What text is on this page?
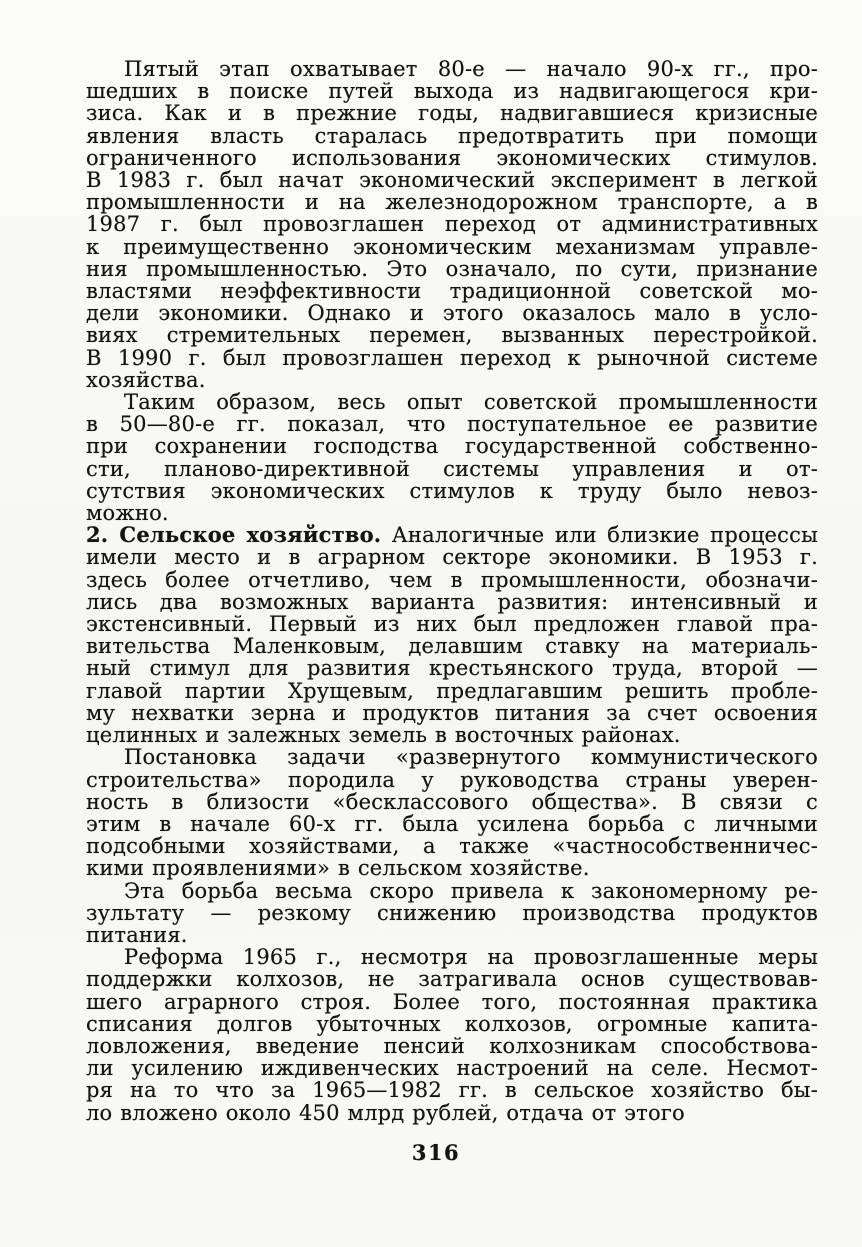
Пятый этап охватывает 80-е — начало 90-х гг., про-
шедших в поиске путей выхода из надвигающегося кри-
зиса. Как и в прежние годы, надвигавшиеся кризисные
явления власть старалась предотвратить при помощи
ограниченного использования экономических стимулов.
В 1983 г. был начат экономический эксперимент в легкой
промышленности и на железнодорожном транспорте, а в
1987 г. был провозглашен переход от административных
к преимущественно экономическим механизмам управле-
ния промышленностью. Это означало, по сути, признание
властями неэффективности традиционной советской мо-
дели экономики. Однако и этого оказалось мало в усло-
виях стремительных перемен, вызванных перестройкой.
В 1990 г. был провозглашен переход к рыночной системе
хозяйства.
Таким образом, весь опыт советской промышленности
в 50—80-е гг. показал, что поступательное ее развитие
при сохранении господства государственной собственно-
сти, планово-директивной системы управления и от-
сутствия экономических стимулов к труду было невоз-
можно.
2. Сельское хозяйство. Аналогичные или близкие процессы
имели место и в аграрном секторе экономики. В 1953 г.
здесь более отчетливо, чем в промышленности, обозначи-
лись два возможных варианта развития: интенсивный и
экстенсивный. Первый из них был предложен главой пра-
вительства Маленковым, делавшим ставку на материаль-
ный стимул для развития крестьянского труда, второй —
главой партии Хрущевым, предлагавшим решить пробле-
му нехватки зерна и продуктов питания за счет освоения
целинных и залежных земель в восточных районах.
Постановка задачи «развернутого коммунистического
строительства» породила у руководства страны уверен-
ность в близости «бесклассового общества». В связи с
этим в начале 60-х гг. была усилена борьба с личными
подсобными хозяйствами, а также «частнособственничес-
кими проявлениями» в сельском хозяйстве.
Эта борьба весьма скоро привела к закономерному ре-
зультату — резкому снижению производства продуктов
питания.
Реформа 1965 г., несмотря на провозглашенные меры
поддержки колхозов, не затрагивала основ существовав-
шего аграрного строя. Более того, постоянная практика
списания долгов убыточных колхозов, огромные капита-
ловложения, введение пенсий колхозникам способствова-
ли усилению иждивенческих настроений на селе. Несмот-
ря на то что за 1965—1982 гг. в сельское хозяйство бы-
ло вложено около 450 млрд рублей, отдача от этого
316
